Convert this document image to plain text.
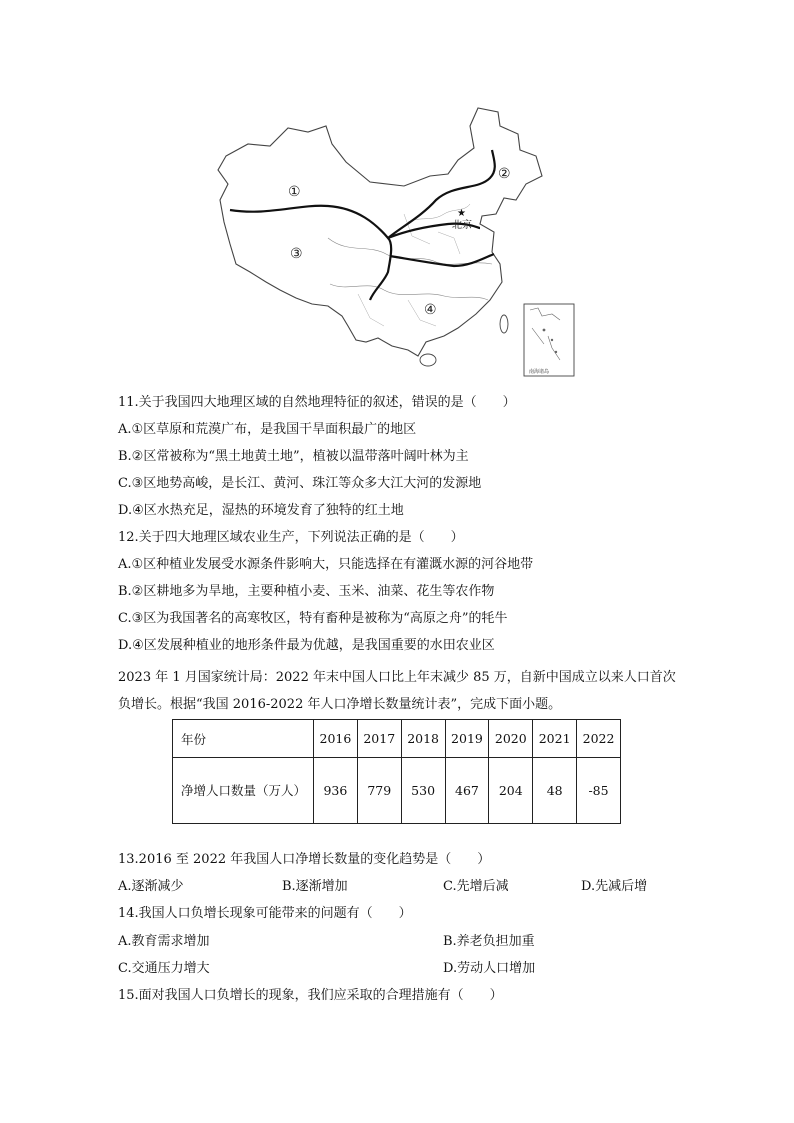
★
①
②
③
④
北京
南海诸岛
11.关于我国四大地理区域的自然地理特征的叙述，错误的是（　　）
A.①区草原和荒漠广布，是我国干旱面积最广的地区
B.②区常被称为“黑土地黄土地”，植被以温带落叶阔叶林为主
C.③区地势高峻，是长江、黄河、珠江等众多大江大河的发源地
D.④区水热充足，湿热的环境发育了独特的红土地
12.关于四大地理区域农业生产，下列说法正确的是（　　）
A.①区种植业发展受水源条件影响大，只能选择在有灌溉水源的河谷地带
B.②区耕地多为旱地，主要种植小麦、玉米、油菜、花生等农作物
C.③区为我国著名的高寒牧区，特有畜种是被称为“高原之舟”的牦牛
D.④区发展种植业的地形条件最为优越，是我国重要的水田农业区
2023 年 1 月国家统计局：2022 年末中国人口比上年末减少 85 万，自新中国成立以来人口首次负增长。根据“我国 2016-2022 年人口净增长数量统计表”，完成下面小题。
年份	2016	2017	2018	2019	2020	2021	2022
净增人口数量（万人）	936	779	530	467	204	48	-85
13.2016 至 2022 年我国人口净增长数量的变化趋势是（　　）
A.逐渐减少	B.逐渐增加	C.先增后减	D.先减后增
14.我国人口负增长现象可能带来的问题有（　　）
A.教育需求增加	B.养老负担加重
C.交通压力增大	D.劳动人口增加
15.面对我国人口负增长的现象，我们应采取的合理措施有（　　）
